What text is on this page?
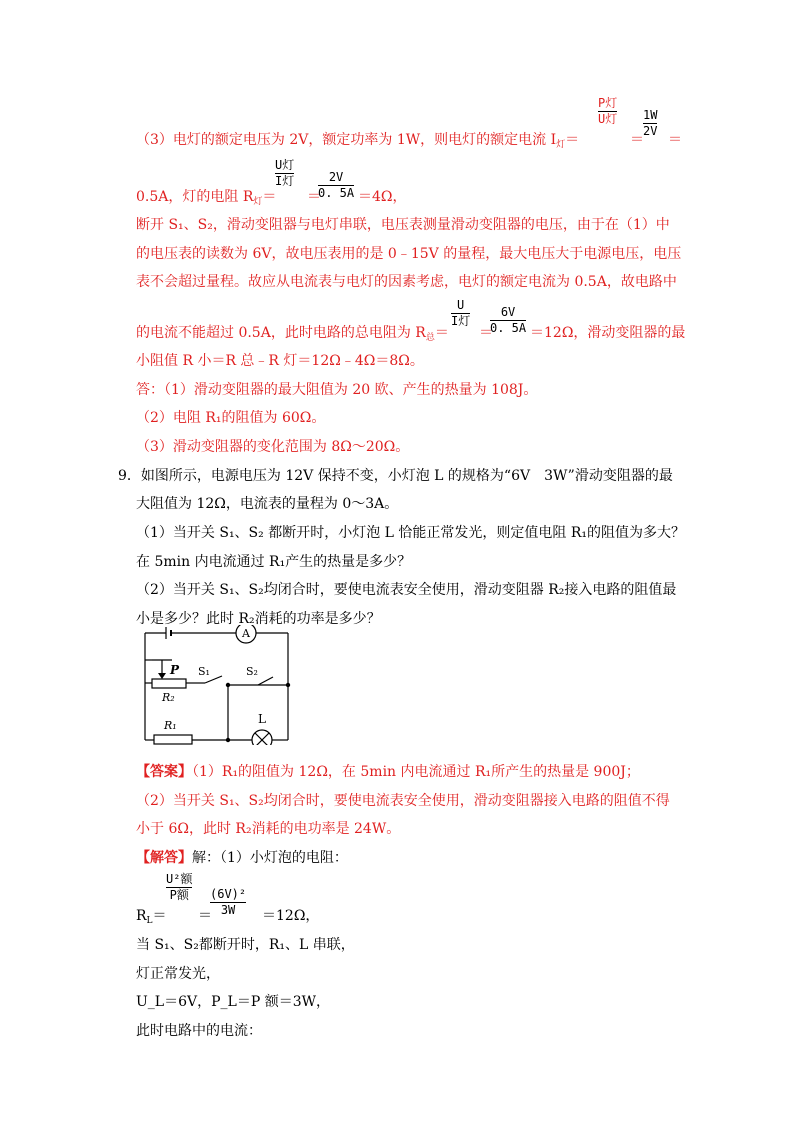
P灯
U灯 $\frac{1W}{2V}$
（3）电灯的额定电压为 2V，额定功率为 1W，则电灯的额定电流 $I_灯=$	＝ ＝
U灯
I灯 $\frac{2V}{0. 5A}$
0.5A，灯的电阻 $R_灯=$ ＝	＝4Ω，
断开 S₁、S₂，滑动变阻器与电灯串联，电压表测量滑动变阻器的电压，由于在（1）中
的电压表的读数为 6V，故电压表用的是 0﹣15V 的量程，最大电压大于电源电压，电压
表不会超过量程。故应从电流表与电灯的因素考虑，电灯的额定电流为 0.5A，故电路中
U
I灯 $\frac{6V}{0. 5A}$
的电流不能超过 0.5A，此时电路的总电阻为 $R_总=$ ＝	＝12Ω，滑动变阻器的最
小阻值 R 小＝R 总﹣R 灯＝12Ω﹣4Ω＝8Ω。
答：（1）滑动变阻器的最大阻值为 20 欧、产生的热量为 108J。
（2）电阻 R₁的阻值为 60Ω。
（3）滑动变阻器的变化范围为 8Ω～20Ω。
9．如图所示，电源电压为 12V 保持不变，小灯泡 L 的规格为“6V　3W”滑动变阻器的最
大阻值为 12Ω，电流表的量程为 0～3A。
（1）当开关 S₁、S₂ 都断开时，小灯泡 L 恰能正常发光，则定值电阻 R₁的阻值为多大？
在 5min 内电流通过 R₁产生的热量是多少？
（2）当开关 S₁、S₂均闭合时，要使电流表安全使用，滑动变阻器 R₂接入电路的阻值最
小是多少？此时 R₂消耗的功率是多少？
A
P
R₂
R₁
S₁	S₂
L
【答案】（1）R₁的阻值为 12Ω，在 5min 内电流通过 R₁所产生的热量是 900J；
（2）当开关 S₁、S₂均闭合时，要使电流表安全使用，滑动变阻器接入电路的阻值不得
小于 6Ω，此时 R₂消耗的电功率是 24W。
【解答】解：（1）小灯泡的电阻：
U²额
P额	$\frac{\text{(6V)²}}{3W}$
$R_L=$ ＝	＝12Ω，
当 S₁、S₂都断开时，R₁、L 串联，
灯正常发光，
U_L＝6V，P_L＝P 额＝3W，
此时电路中的电流：
